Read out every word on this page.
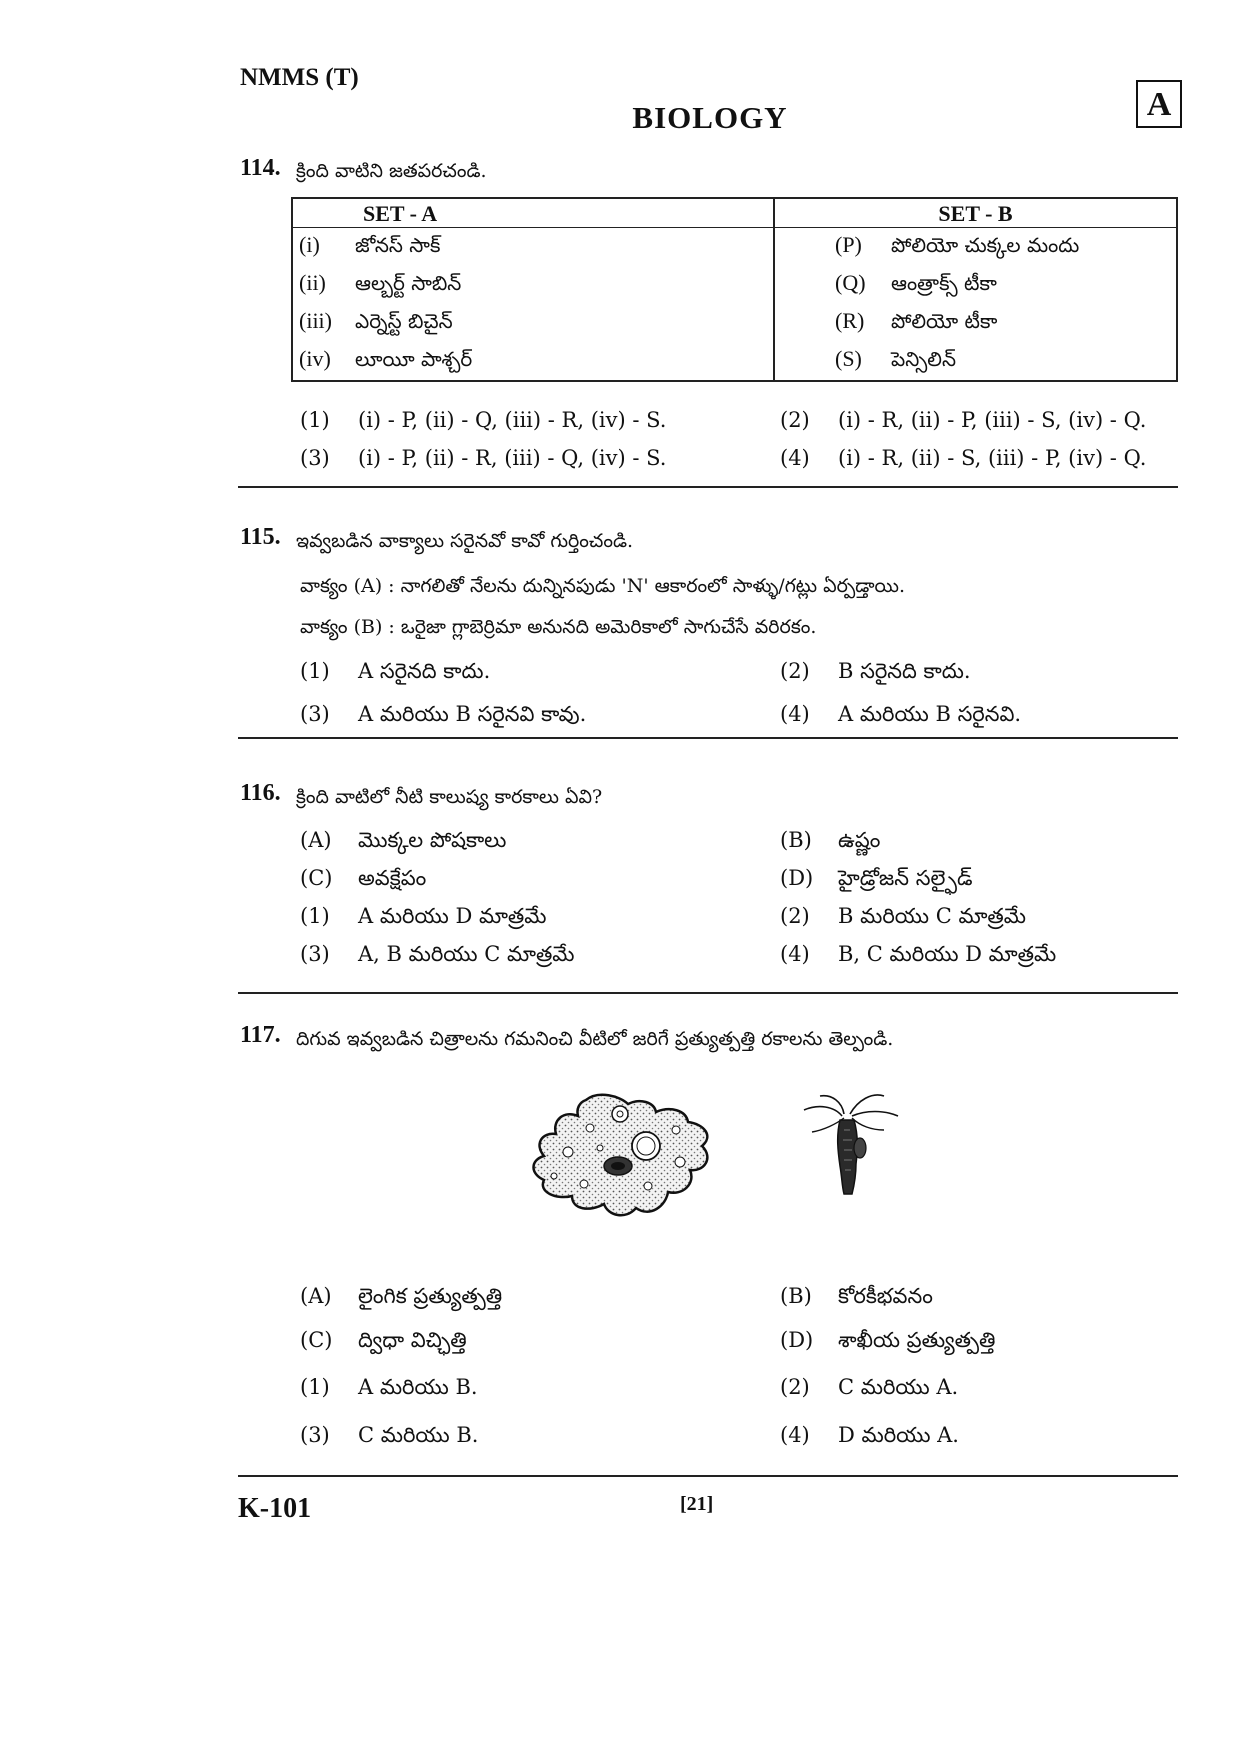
NMMS (T)
BIOLOGY	A
114. క్రింది వాటిని జతపరచండి.
SET - A	SET - B
(i) జోనస్ సాక్	(P) పోలియో చుక్కల మందు
(ii) ఆల్బర్ట్ సాబిన్	(Q) ఆంత్రాక్స్ టీకా
(iii) ఎర్నెస్ట్ బిచైన్	(R) పోలియో టీకా
(iv) లూయీ పాశ్చర్	(S) పెన్సిలిన్
(1) (i) - P, (ii) - Q, (iii) - R, (iv) - S.	(2) (i) - R, (ii) - P, (iii) - S, (iv) - Q.
(3) (i) - P, (ii) - R, (iii) - Q, (iv) - S.	(4) (i) - R, (ii) - S, (iii) - P, (iv) - Q.
115. ఇవ్వబడిన వాక్యాలు సరైనవో కావో గుర్తించండి.
వాక్యం (A) : నాగలితో నేలను దున్నినపుడు 'N' ఆకారంలో సాళ్ళు/గట్లు ఏర్పడ్తాయి.
వాక్యం (B) : ఒరైజా గ్లాబెర్రిమా అనునది అమెరికాలో సాగుచేసే వరిరకం.
(1) A సరైనది కాదు.	(2) B సరైనది కాదు.
(3) A మరియు B సరైనవి కావు.	(4) A మరియు B సరైనవి.
116. క్రింది వాటిలో నీటి కాలుష్య కారకాలు ఏవి?
(A) మొక్కల పోషకాలు	(B) ఉష్ణం
(C) అవక్షేపం	(D) హైడ్రోజన్ సల్ఫైడ్
(1) A మరియు D మాత్రమే	(2) B మరియు C మాత్రమే
(3) A, B మరియు C మాత్రమే	(4) B, C మరియు D మాత్రమే
117. దిగువ ఇవ్వబడిన చిత్రాలను గమనించి వీటిలో జరిగే ప్రత్యుత్పత్తి రకాలను తెల్పండి.
(A) లైంగిక ప్రత్యుత్పత్తి	(B) కోరకీభవనం
(C) ద్విధా విచ్ఛిత్తి	(D) శాఖీయ ప్రత్యుత్పత్తి
(1) A మరియు B.	(2) C మరియు A.
(3) C మరియు B.	(4) D మరియు A.
K-101	[21]
